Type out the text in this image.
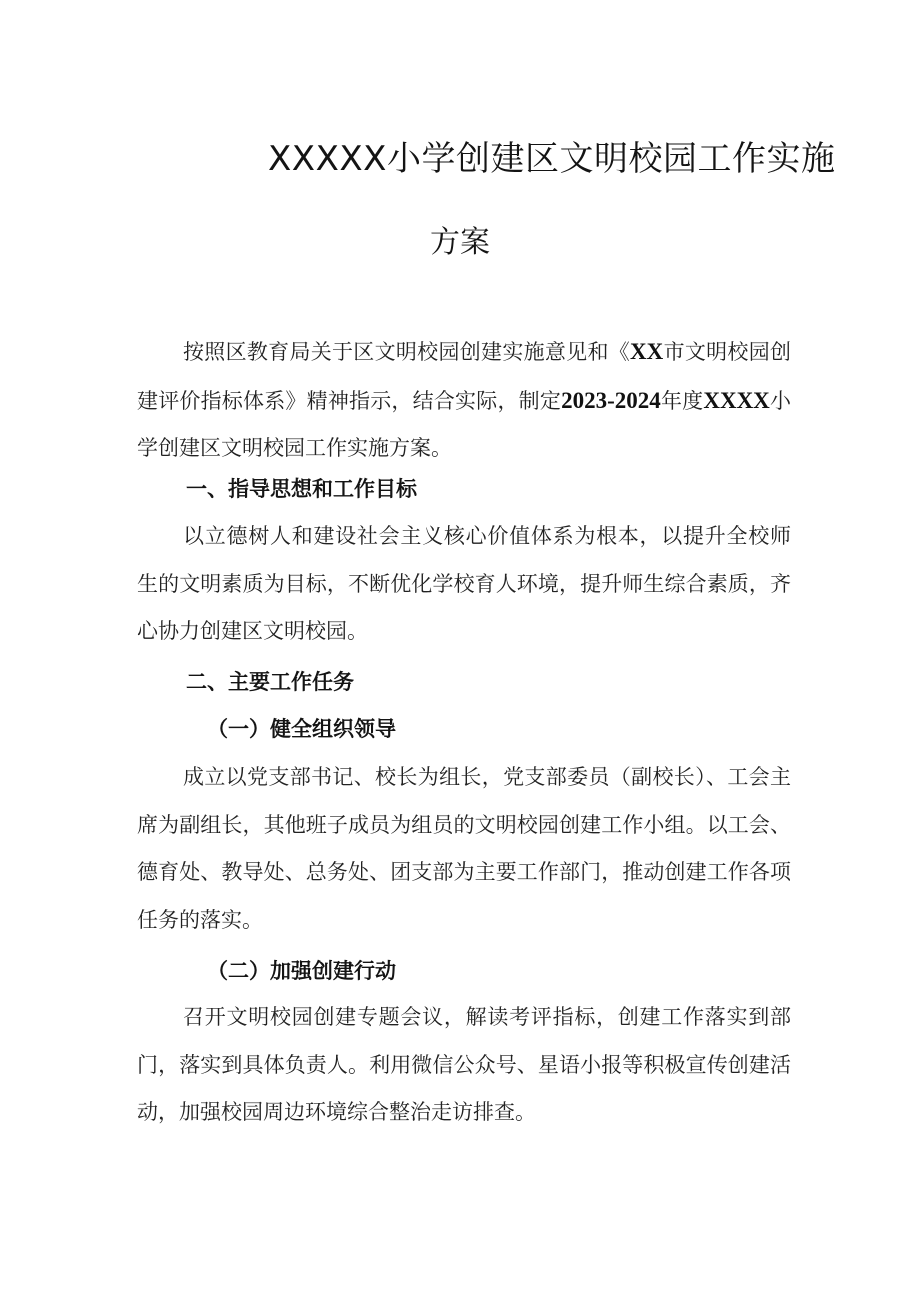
XXXXX小学创建区文明校园工作实施
方案

按照区教育局关于区文明校园创建实施意见和《XX市文明校园创建评价指标体系》精神指示，结合实际，制定2023-2024年度XXXX小学创建区文明校园工作实施方案。

一、指导思想和工作目标

以立德树人和建设社会主义核心价值体系为根本，以提升全校师生的文明素质为目标，不断优化学校育人环境，提升师生综合素质，齐心协力创建区文明校园。

二、主要工作任务
（一）健全组织领导

成立以党支部书记、校长为组长，党支部委员（副校长）、工会主席为副组长，其他班子成员为组员的文明校园创建工作小组。以工会、德育处、教导处、总务处、团支部为主要工作部门，推动创建工作各项任务的落实。

（二）加强创建行动

召开文明校园创建专题会议，解读考评指标，创建工作落实到部门，落实到具体负责人。利用微信公众号、星语小报等积极宣传创建活动，加强校园周边环境综合整治走访排查。
